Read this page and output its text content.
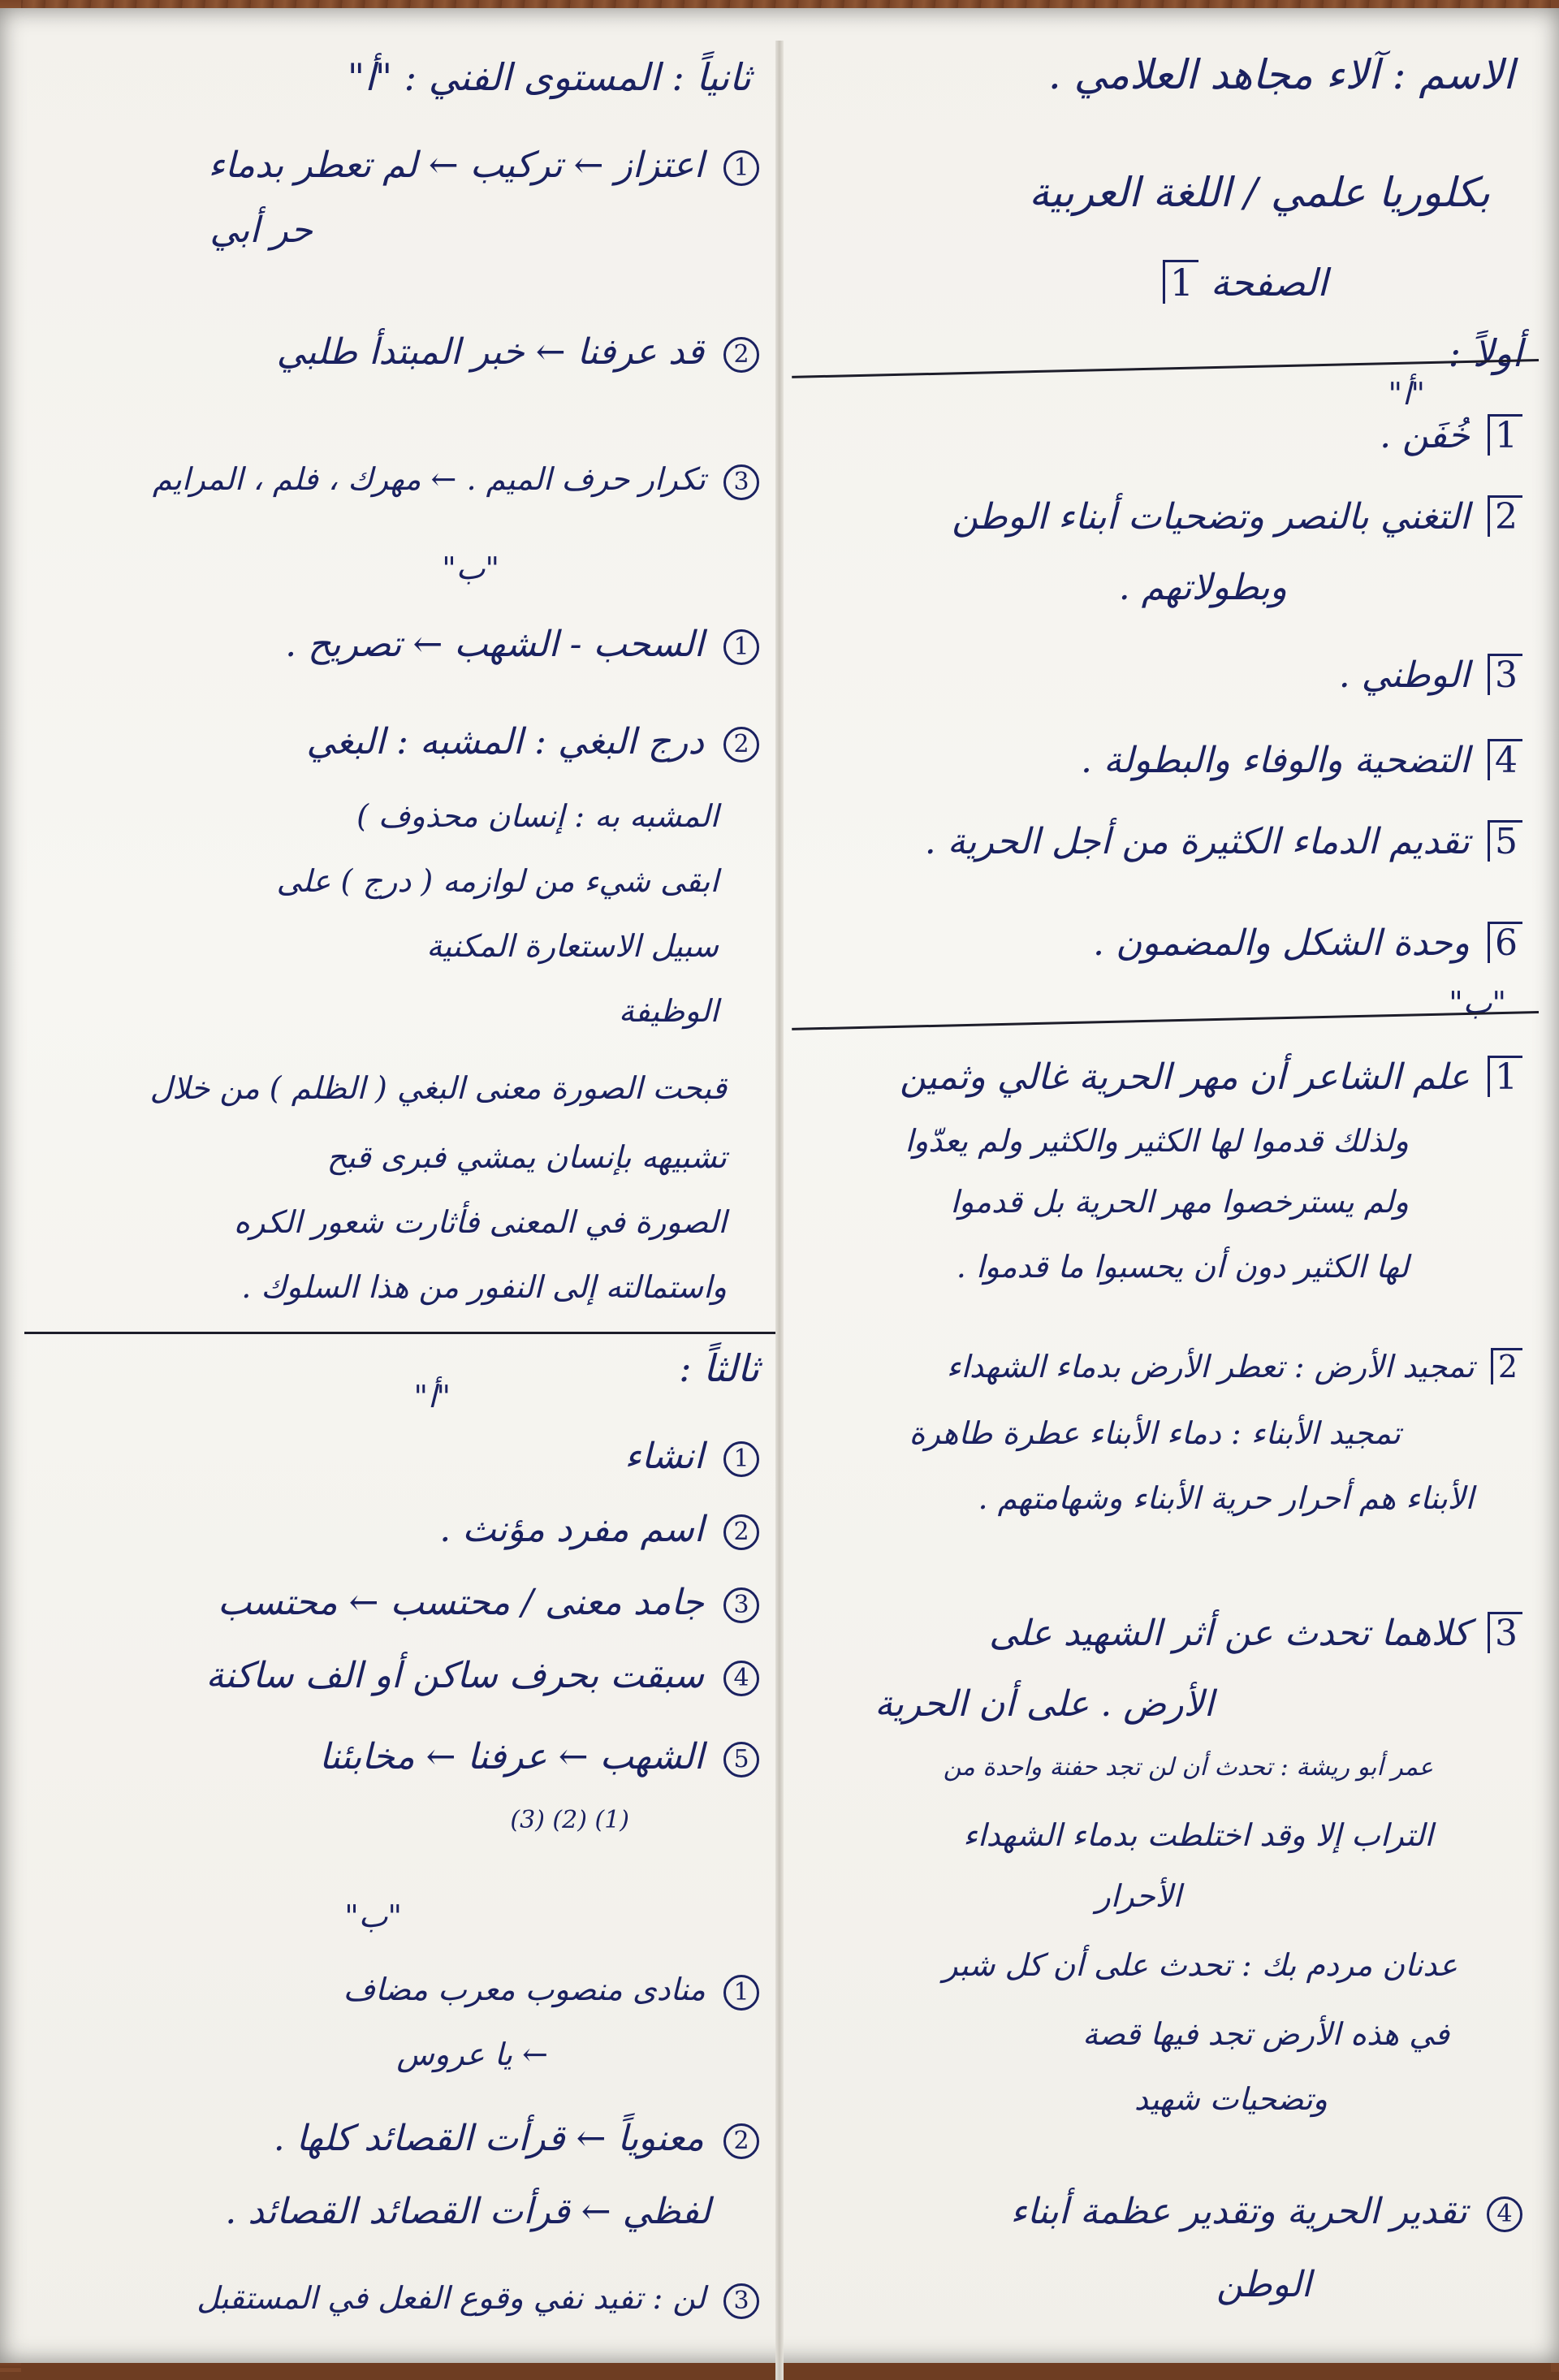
الاسم : آلاء مجاهد العلامي .
بكلوريا علمي / اللغة العربية
الصفحة 1
أولاً :
"أ"
1 خُفَن .
2 التغني بالنصر وتضحيات أبناء الوطن
وبطولاتهم .
3 الوطني .
4 التضحية والوفاء والبطولة .
5 تقديم الدماء الكثيرة من أجل الحرية .
6 وحدة الشكل والمضمون .
"ب"
1 علم الشاعر أن مهر الحرية غالي وثمين
ولذلك قدموا لها الكثير والكثير ولم يعدّوا
ولم يسترخصوا مهر الحرية بل قدموا
لها الكثير دون أن يحسبوا ما قدموا .
2 تمجيد الأرض : تعطر الأرض بدماء الشهداء
تمجيد الأبناء : دماء الأبناء عطرة طاهرة
الأبناء هم أحرار حرية الأبناء وشهامتهم .
3 كلاهما تحدث عن أثر الشهيد على
الأرض . على أن الحرية
عمر أبو ريشة : تحدث أن لن تجد حفنة واحدة من
التراب إلا وقد اختلطت بدماء الشهداء
الأحرار
عدنان مردم بك : تحدث على أن كل شبر
في هذه الأرض تجد فيها قصة
وتضحيات شهيد
4 تقدير الحرية وتقدير عظمة أبناء
الوطن
ثانياً : المستوى الفني : "أ"
1 اعتزاز ← تركيب ← لم تعطر بدماء
حر أبي
2 قد عرفنا ← خبر المبتدأ طلبي
3 تكرار حرف الميم . ← مهرك ، فلم ، المرايم
"ب"
1 السحب - الشهب ← تصريح .
2 درج البغي : المشبه : البغي
المشبه به : إنسان محذوف )
ابقى شيء من لوازمه ( درج ) على
سبيل الاستعارة المكنية
الوظيفة
قبحت الصورة معنى البغي ( الظلم ) من خلال
تشبيهه بإنسان يمشي فبرى قبح
الصورة في المعنى فأثارت شعور الكره
واستمالته إلى النفور من هذا السلوك .
ثالثاً :
"أ"
1 انشاء
2 اسم مفرد مؤنث .
3 جامد معنى / محتسب ← محتسب
4 سبقت بحرف ساكن أو الف ساكنة
5 الشهب ← عرفنا ← مخابئنا
(1) (2) (3)
"ب"
1 منادى منصوب معرب مضاف
← يا عروس
2 معنوياً ← قرأت القصائد كلها .
لفظي ← قرأت القصائد القصائد .
3 لن : تفيد نفي وقوع الفعل في المستقبل
